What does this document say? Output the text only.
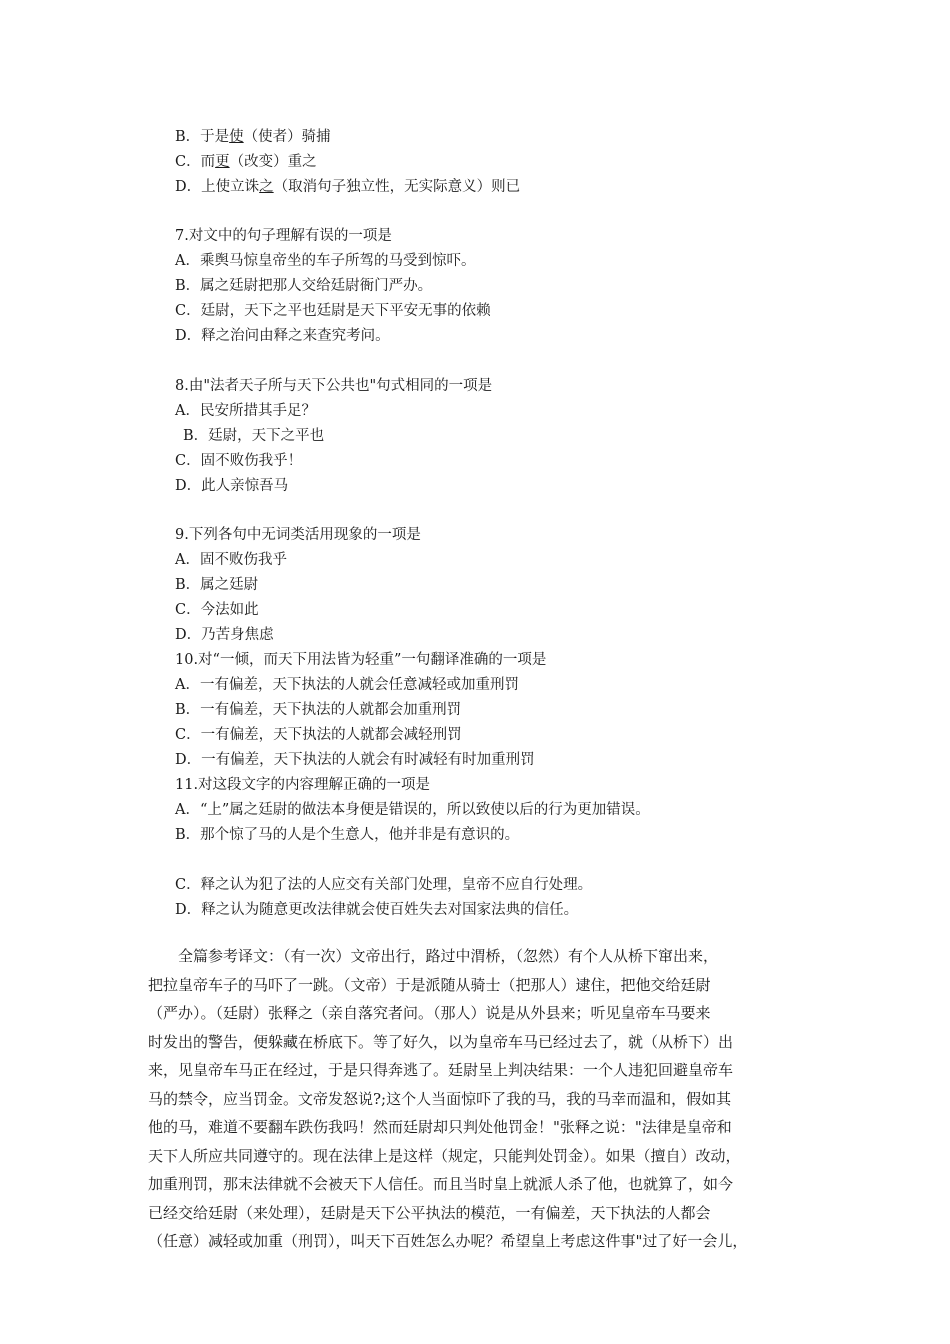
B．于是使（使者）骑捕
C．而更（改变）重之
D．上使立诛之（取消句子独立性，无实际意义）则已
7.对文中的句子理解有误的一项是
A．乘舆马惊皇帝坐的车子所驾的马受到惊吓。
B．属之廷尉把那人交给廷尉衙门严办。
C．廷尉，天下之平也廷尉是天下平安无事的依赖
D．释之治问由释之来查究考问。
8.由"法者天子所与天下公共也"句式相同的一项是
A．民安所措其手足？
B．廷尉，天下之平也
C．固不败伤我乎！
D．此人亲惊吾马
9.下列各句中无词类活用现象的一项是
A．固不败伤我乎
B．属之廷尉
C．今法如此
D．乃苦身焦虑
10.对“一倾，而天下用法皆为轻重”一句翻译准确的一项是
A．一有偏差，天下执法的人就会任意减轻或加重刑罚
B．一有偏差，天下执法的人就都会加重刑罚
C．一有偏差，天下执法的人就都会减轻刑罚
D．一有偏差，天下执法的人就会有时减轻有时加重刑罚
11.对这段文字的内容理解正确的一项是
A．“上”属之廷尉的做法本身便是错误的，所以致使以后的行为更加错误。
B．那个惊了马的人是个生意人，他并非是有意识的。
C．释之认为犯了法的人应交有关部门处理，皇帝不应自行处理。
D．释之认为随意更改法律就会使百姓失去对国家法典的信任。
　　全篇参考译文：（有一次）文帝出行，路过中渭桥，（忽然）有个人从桥下窜出来，
把拉皇帝车子的马吓了一跳。（文帝）于是派随从骑士（把那人）逮住，把他交给廷尉
（严办）。（廷尉）张释之（亲自落究者问。（那人）说是从外县来；听见皇帝车马要来
时发出的警告，便躲藏在桥底下。等了好久，以为皇帝车马已经过去了，就（从桥下）出
来，见皇帝车马正在经过，于是只得奔逃了。廷尉呈上判决结果：一个人违犯回避皇帝车
马的禁令，应当罚金。文帝发怒说?;这个人当面惊吓了我的马，我的马幸而温和，假如其
他的马，难道不要翻车跌伤我吗！然而廷尉却只判处他罚金！"张释之说："法律是皇帝和
天下人所应共同遵守的。现在法律上是这样（规定，只能判处罚金）。如果（擅自）改动，
加重刑罚，那末法律就不会被天下人信任。而且当时皇上就派人杀了他，也就算了，如今
已经交给廷尉（来处理），廷尉是天下公平执法的模范，一有偏差，天下执法的人都会
（任意）减轻或加重（刑罚），叫天下百姓怎么办呢？希望皇上考虑这件事"过了好一会儿，
